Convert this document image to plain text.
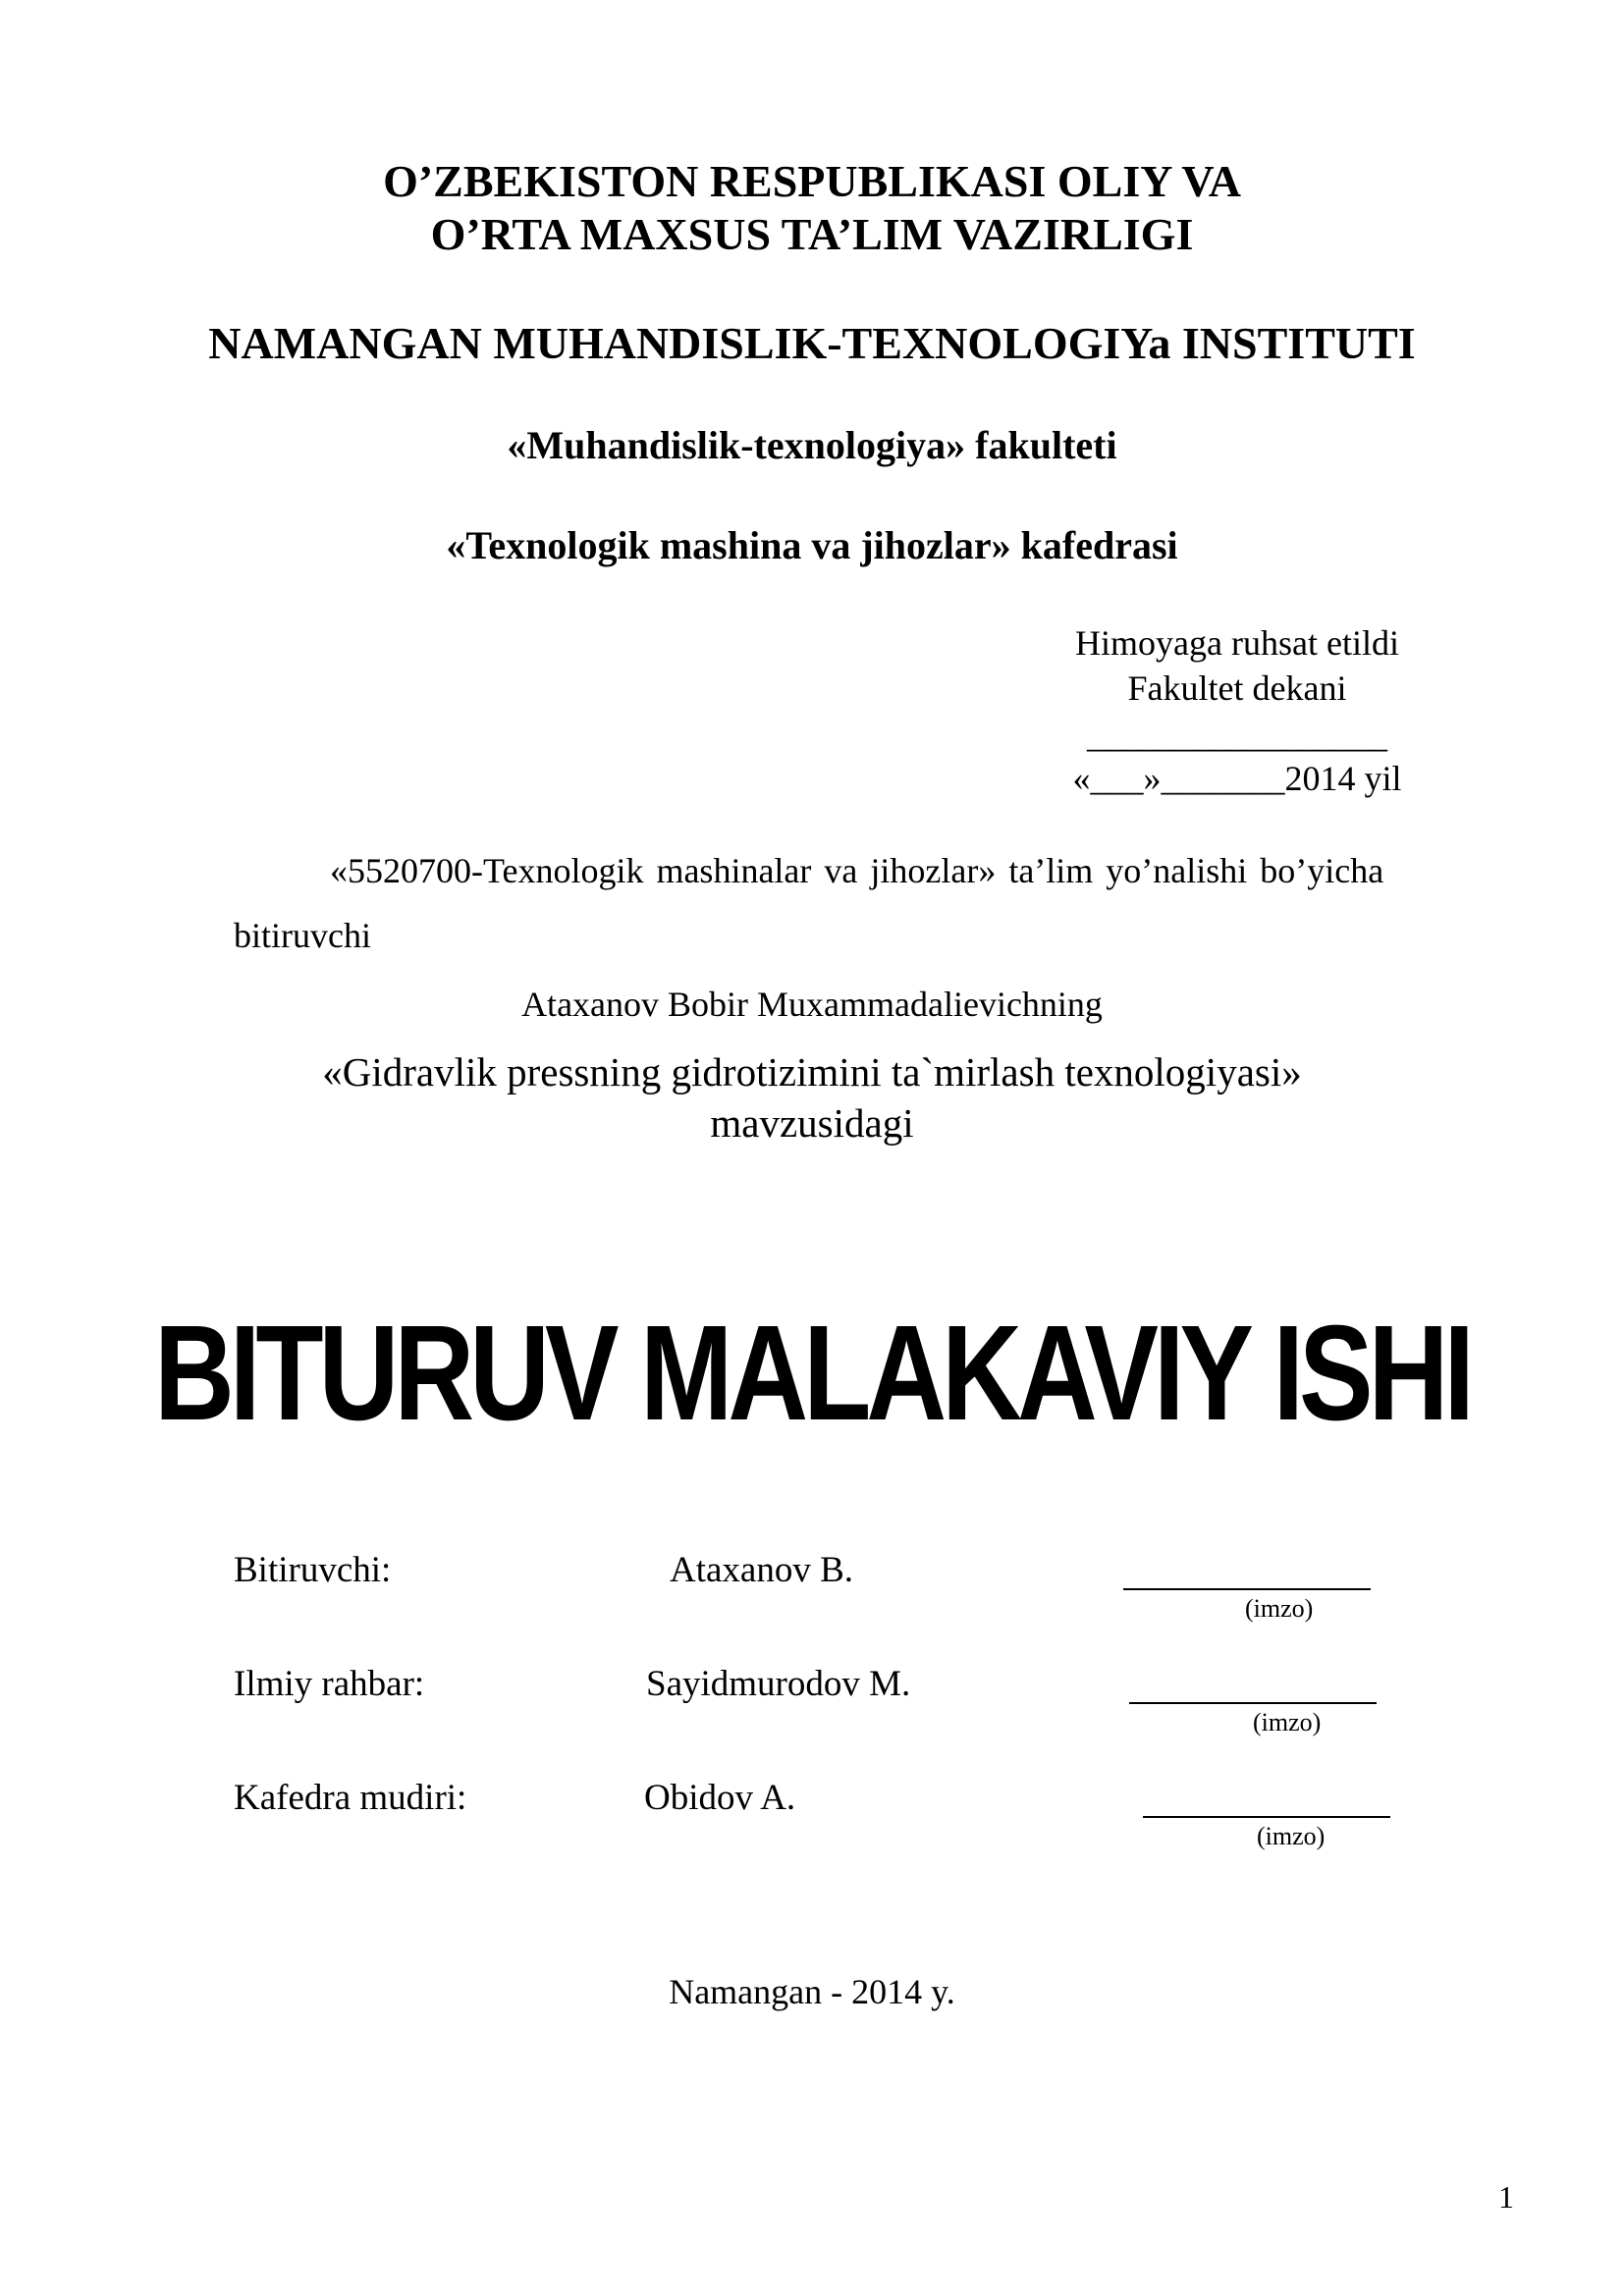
O’ZBEKISTON RESPUBLIKASI OLIY VA
O’RTA MAXSUS TA’LIM VAZIRLIGI
NAMANGAN MUHANDISLIK-TEXNOLOGIYa INSTITUTI
«Muhandislik-texnologiya» fakulteti
«Texnologik mashina va jihozlar» kafedrasi
Himoyaga ruhsat etildi
Fakultet dekani
_________________
«___»_______2014 yil
«5520700-Texnologik mashinalar va jihozlar» ta’lim yo’nalishi bo’yicha
bitiruvchi
Ataxanov Bobir Muxammadalievichning
«Gidravlik pressning gidrotizimini ta`mirlash texnologiyasi»
mavzusidagi
BITURUV MALAKAVIY ISHI
Bitiruvchi:	Ataxanov B.
(imzo)
Ilmiy rahbar:	Sayidmurodov M.
(imzo)
Kafedra mudiri:	Obidov A.
(imzo)
Namangan - 2014 y.
1
